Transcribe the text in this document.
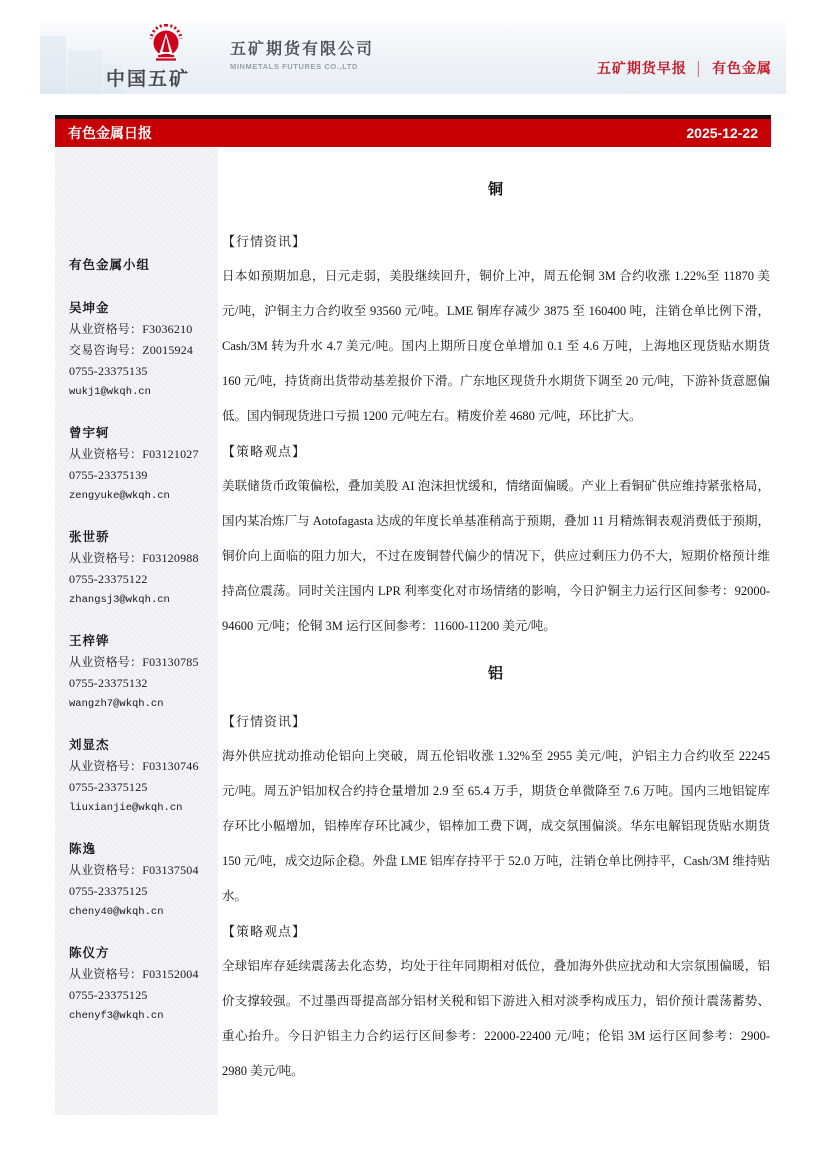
中国五矿
五矿期货有限公司
MINMETALS FUTURES CO.,LTD	五矿期货早报 │ 有色金属
有色金属日报	2025-12-22
有色金属小组
吴坤金
从业资格号：F3036210
交易咨询号：Z0015924
0755-23375135
wukj1@wkqh.cn
曾宇轲
从业资格号：F03121027
0755-23375139
zengyuke@wkqh.cn
张世骄
从业资格号：F03120988
0755-23375122
zhangsj3@wkqh.cn
王梓铧
从业资格号：F03130785
0755-23375132
wangzh7@wkqh.cn
刘显杰
从业资格号：F03130746
0755-23375125
liuxianjie@wkqh.cn
陈逸
从业资格号：F03137504
0755-23375125
cheny40@wkqh.cn
陈仪方
从业资格号：F03152004
0755-23375125
chenyf3@wkqh.cn
铜
【行情资讯】

日本如预期加息，日元走弱，美股继续回升，铜价上冲，周五伦铜 3M 合约收涨 1.22%至 11870 美元/吨，沪铜主力合约收至 93560 元/吨。LME 铜库存减少 3875 至 160400 吨，注销仓单比例下滑，Cash/3M 转为升水 4.7 美元/吨。国内上期所日度仓单增加 0.1 至 4.6 万吨，上海地区现货贴水期货 160 元/吨，持货商出货带动基差报价下滑。广东地区现货升水期货下调至 20 元/吨，下游补货意愿偏低。国内铜现货进口亏损 1200 元/吨左右。精废价差 4680 元/吨，环比扩大。

【策略观点】

美联储货币政策偏松，叠加美股 AI 泡沫担忧缓和，情绪面偏暖。产业上看铜矿供应维持紧张格局，国内某冶炼厂与 Aotofagasta 达成的年度长单基准稍高于预期，叠加 11 月精炼铜表观消费低于预期，铜价向上面临的阻力加大，不过在废铜替代偏少的情况下，供应过剩压力仍不大，短期价格预计维持高位震荡。同时关注国内 LPR 利率变化对市场情绪的影响，今日沪铜主力运行区间参考：92000-94600 元/吨；伦铜 3M 运行区间参考：11600-11200 美元/吨。

铝
【行情资讯】

海外供应扰动推动伦铝向上突破，周五伦铝收涨 1.32%至 2955 美元/吨，沪铝主力合约收至 22245 元/吨。周五沪铝加权合约持仓量增加 2.9 至 65.4 万手，期货仓单微降至 7.6 万吨。国内三地铝锭库存环比小幅增加，铝棒库存环比减少，铝棒加工费下调，成交氛围偏淡。华东电解铝现货贴水期货 150 元/吨，成交边际企稳。外盘 LME 铝库存持平于 52.0 万吨，注销仓单比例持平，Cash/3M 维持贴水。

【策略观点】

全球铝库存延续震荡去化态势，均处于往年同期相对低位，叠加海外供应扰动和大宗氛围偏暖，铝价支撑较强。不过墨西哥提高部分铝材关税和铝下游进入相对淡季构成压力，铝价预计震荡蓄势、重心抬升。今日沪铝主力合约运行区间参考：22000-22400 元/吨；伦铝 3M 运行区间参考：2900-2980 美元/吨。
